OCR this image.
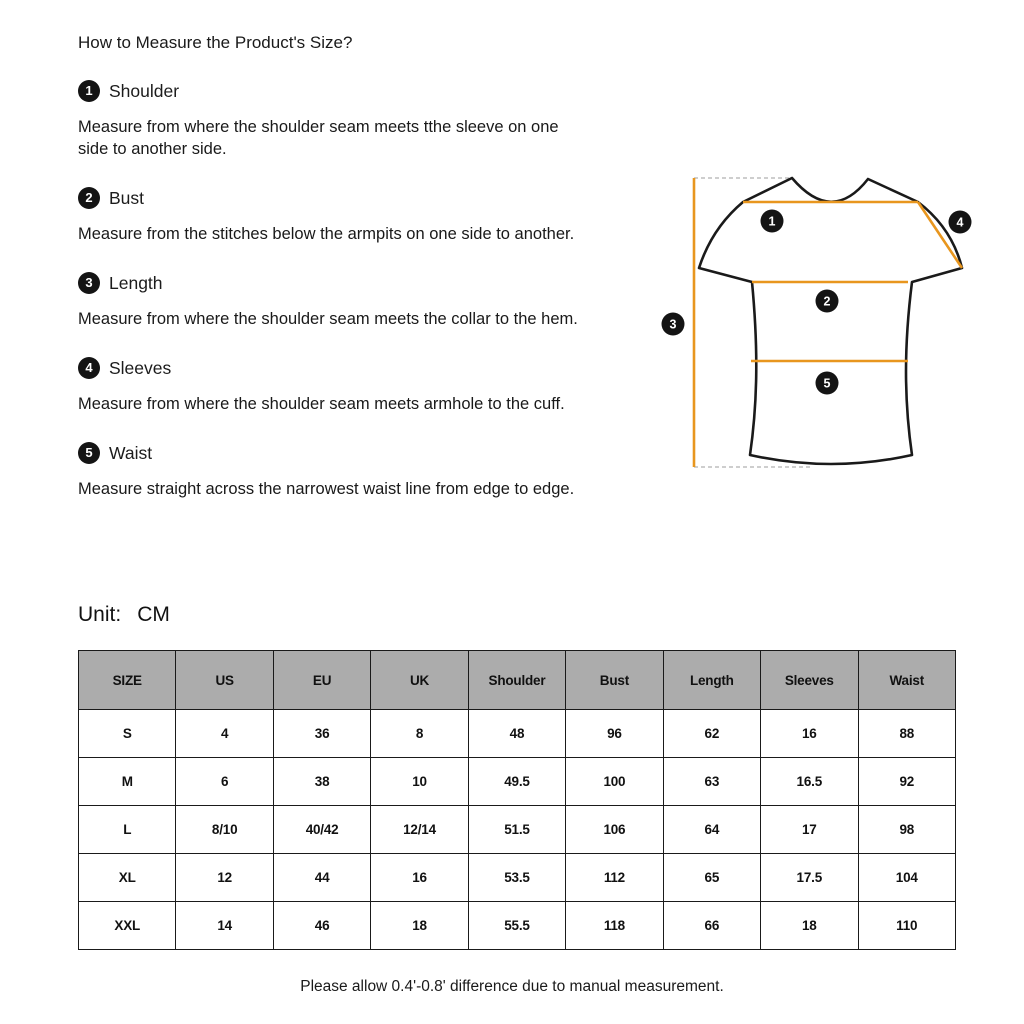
How to Measure the Product's Size?
1 Shoulder
Measure from where the shoulder seam meets tthe sleeve on one side to another side.
2 Bust
Measure from the stitches below the armpits on one side to another.
3 Length
Measure from where the shoulder seam meets the collar to the hem.
4 Sleeves
Measure from where the shoulder seam meets armhole to the cuff.
5 Waist
Measure straight across the narrowest waist line from edge to edge.
Unit: CM
1
2
3
4
5
SIZE	US	EU	UK	Shoulder	Bust	Length	Sleeves	Waist
S	4	36	8	48	96	62	16	88
M	6	38	10	49.5	100	63	16.5	92
L	8/10	40/42	12/14	51.5	106	64	17	98
XL	12	44	16	53.5	112	65	17.5	104
XXL	14	46	18	55.5	118	66	18	110
Please allow 0.4'-0.8' difference due to manual measurement.
